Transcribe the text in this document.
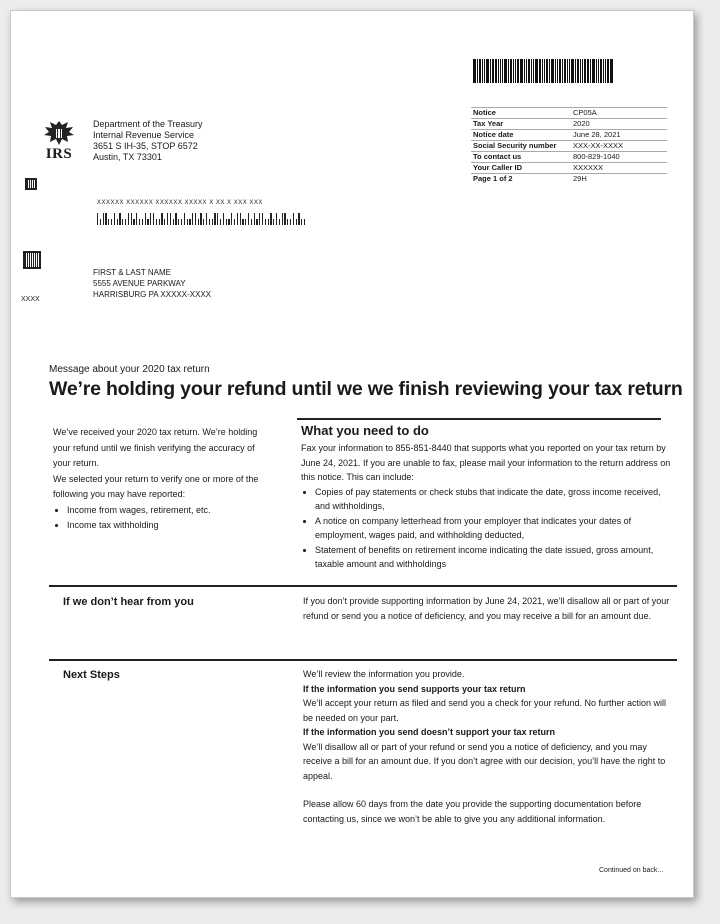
Notice	CP05A
Tax Year	2020
Notice date	June 28, 2021
Social Security number	XXX-XX-XXXX
To contact us	800-829-1040
Your Caller ID	XXXXXX
Page 1 of 2	29H
IRS
Department of the Treasury
Internal Revenue Service
3651 S IH-35, STOP 6572
Austin, TX 73301
XXXXXX XXXXXX XXXXXX XXXXX X XX X XXX XXX
FIRST & LAST NAME
5555 AVENUE PARKWAY
HARRISBURG PA XXXXX-XXXX
XXXX
Message about your 2020 tax return
We’re holding your refund until we we finish reviewing your tax return

We’ve received your 2020 tax return. We’re holding your refund until we finish verifying the accuracy of your return.

We selected your return to verify one or more of the following you may have reported:

• Income from wages, retirement, etc.
• Income tax withholding
What you need to do

Fax your information to 855-851-8440 that supports what you reported on your tax return by June 24, 2021. If you are unable to fax, please mail your information to the return address on this notice. This can include:

• Copies of pay statements or check stubs that indicate the date, gross income received, and withholdings,
• A notice on company letterhead from your employer that indicates your dates of employment, wages paid, and withholding deducted,
• Statement of benefits on retirement income indicating the date issued, gross amount, taxable amount and withholdings
If we don’t hear from you	If you don’t provide supporting information by June 24, 2021, we’ll disallow all or part of your refund or send you a notice of deficiency, and you may receive a bill for an amount due.

Next Steps	We’ll review the information you provide.

If the information you send supports your tax return

We’ll accept your return as filed and send you a check for your refund. No further action will be needed on your part.

If the information you send doesn’t support your tax return

We’ll disallow all or part of your refund or send you a notice of deficiency, and you may receive a bill for an amount due. If you don’t agree with our decision, you’ll have the right to appeal.

Please allow 60 days from the date you provide the supporting documentation before contacting us, since we won’t be able to give you any additional information.

Continued on back...
